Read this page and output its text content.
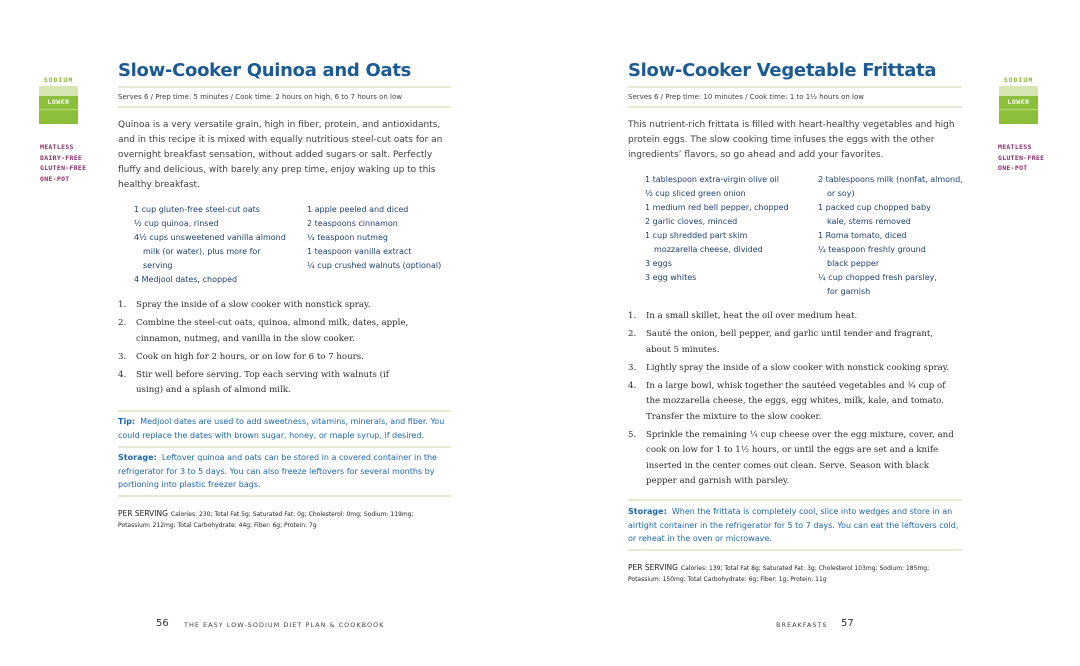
SODIUM
LOWER
MEATLESS
DAIRY-FREE
GLUTEN-FREE
ONE-POT
Slow-Cooker Quinoa and Oats
Serves 6 / Prep time: 5 minutes / Cook time: 2 hours on high, 6 to 7 hours on low
Quinoa is a very versatile grain, high in fiber, protein, and antioxidants, and in this recipe it is mixed with equally nutritious steel-cut oats for an overnight breakfast sensation, without added sugars or salt. Perfectly fluffy and delicious, with barely any prep time, enjoy waking up to this healthy breakfast.
1 cup gluten-free steel-cut oats
½ cup quinoa, rinsed
4½ cups unsweetened vanilla almond milk (or water), plus more for serving
4 Medjool dates, chopped
1 apple peeled and diced
2 teaspoons cinnamon
¼ teaspoon nutmeg
1 teaspoon vanilla extract
¼ cup crushed walnuts (optional)
1. Spray the inside of a slow cooker with nonstick spray.
2. Combine the steel-cut oats, quinoa, almond milk, dates, apple, cinnamon, nutmeg, and vanilla in the slow cooker.
3. Cook on high for 2 hours, or on low for 6 to 7 hours.
4. Stir well before serving. Top each serving with walnuts (if using) and a splash of almond milk.
Tip: Medjool dates are used to add sweetness, vitamins, minerals, and fiber. You could replace the dates with brown sugar, honey, or maple syrup, if desired.
Storage: Leftover quinoa and oats can be stored in a covered container in the refrigerator for 3 to 5 days. You can also freeze leftovers for several months by portioning into plastic freezer bags.
PER SERVING Calories: 230; Total Fat 5g; Saturated Fat: 0g; Cholesterol: 0mg; Sodium: 119mg;
Potassium: 212mg; Total Carbohydrate: 44g; Fiber: 6g; Protein: 7g
56 THE EASY LOW-SODIUM DIET PLAN & COOKBOOK
Slow-Cooker Vegetable Frittata
Serves 6 / Prep time: 10 minutes / Cook time: 1 to 1½ hours on low
This nutrient-rich frittata is filled with heart-healthy vegetables and high protein eggs. The slow cooking time infuses the eggs with the other ingredients’ flavors, so go ahead and add your favorites.
1 tablespoon extra-virgin olive oil
½ cup sliced green onion
1 medium red bell pepper, chopped
2 garlic cloves, minced
1 cup shredded part skim mozzarella cheese, divided
3 eggs
3 egg whites
2 tablespoons milk (nonfat, almond, or soy)
1 packed cup chopped baby kale, stems removed
1 Roma tomato, diced
¼ teaspoon freshly ground black pepper
¼ cup chopped fresh parsley, for garnish
1. In a small skillet, heat the oil over medium heat.
2. Sauté the onion, bell pepper, and garlic until tender and fragrant, about 5 minutes.
3. Lightly spray the inside of a slow cooker with nonstick cooking spray.
4. In a large bowl, whisk together the sautéed vegetables and ¾ cup of the mozzarella cheese, the eggs, egg whites, milk, kale, and tomato. Transfer the mixture to the slow cooker.
5. Sprinkle the remaining ¼ cup cheese over the egg mixture, cover, and cook on low for 1 to 1½ hours, or until the eggs are set and a knife inserted in the center comes out clean. Serve. Season with black pepper and garnish with parsley.
Storage: When the frittata is completely cool, slice into wedges and store in an airtight container in the refrigerator for 5 to 7 days. You can eat the leftovers cold, or reheat in the oven or microwave.
PER SERVING Calories: 139; Total Fat 8g; Saturated Fat: 3g; Cholesterol 103mg; Sodium: 185mg;
Potassium: 150mg; Total Carbohydrate: 6g; Fiber: 1g; Protein: 11g
SODIUM
LOWER
MEATLESS
GLUTEN-FREE
ONE-POT
BREAKFASTS 57
